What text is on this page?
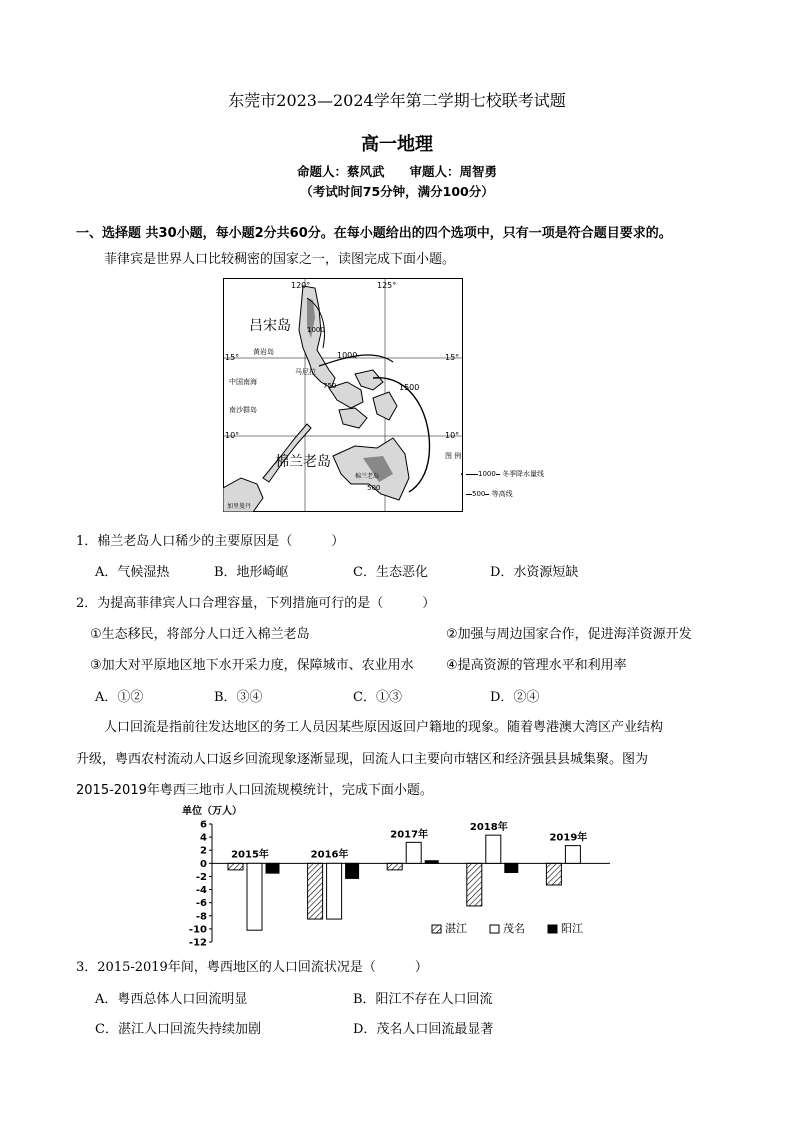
东莞市2023—2024学年第二学期七校联考试题
高一地理
命题人：蔡风武　　审题人：周智勇
（考试时间75分钟，满分100分）
一、选择题 共30小题，每小题2分共60分。在每小题给出的四个选项中，只有一项是符合题目要求的。
菲律宾是世界人口比较稠密的国家之一，读图完成下面小题。
120°	125°
15°	15°
10°	10°
吕宋岛
棉兰老岛
黄岩岛
中国南海
南沙群岛
马尼拉
棉兰老岛
加里曼丹
1000
1000
1500
750
500
图 例
1000 冬季降水量线
500 等高线
1．棉兰老岛人口稀少的主要原因是（　　　）
A．气候湿热	B．地形崎岖	C．生态恶化	D．水资源短缺
2．为提高菲律宾人口合理容量，下列措施可行的是（　　　）
①生态移民，将部分人口迁入棉兰老岛	②加强与周边国家合作，促进海洋资源开发
③加大对平原地区地下水开采力度，保障城市、农业用水 ④提高资源的管理水平和利用率
A．①②	B．③④	C．①③	D．②④
人口回流是指前往发达地区的务工人员因某些原因返回户籍地的现象。随着粤港澳大湾区产业结构
升级，粤西农村流动人口返乡回流现象逐渐显现，回流人口主要向市辖区和经济强县县城集聚。图为
2015-2019年粤西三地市人口回流规模统计，完成下面小题。
单位（万人）
6
4
2
0
-2
-4
-6
-8
-10
-12
2015年	2016年
2017年
2018年
2019年
湛江	茂名	阳江
3．2015-2019年间，粤西地区的人口回流状况是（　　　）
A．粤西总体人口回流明显	B．阳江不存在人口回流
C．湛江人口回流失持续加剧	D．茂名人口回流最显著
